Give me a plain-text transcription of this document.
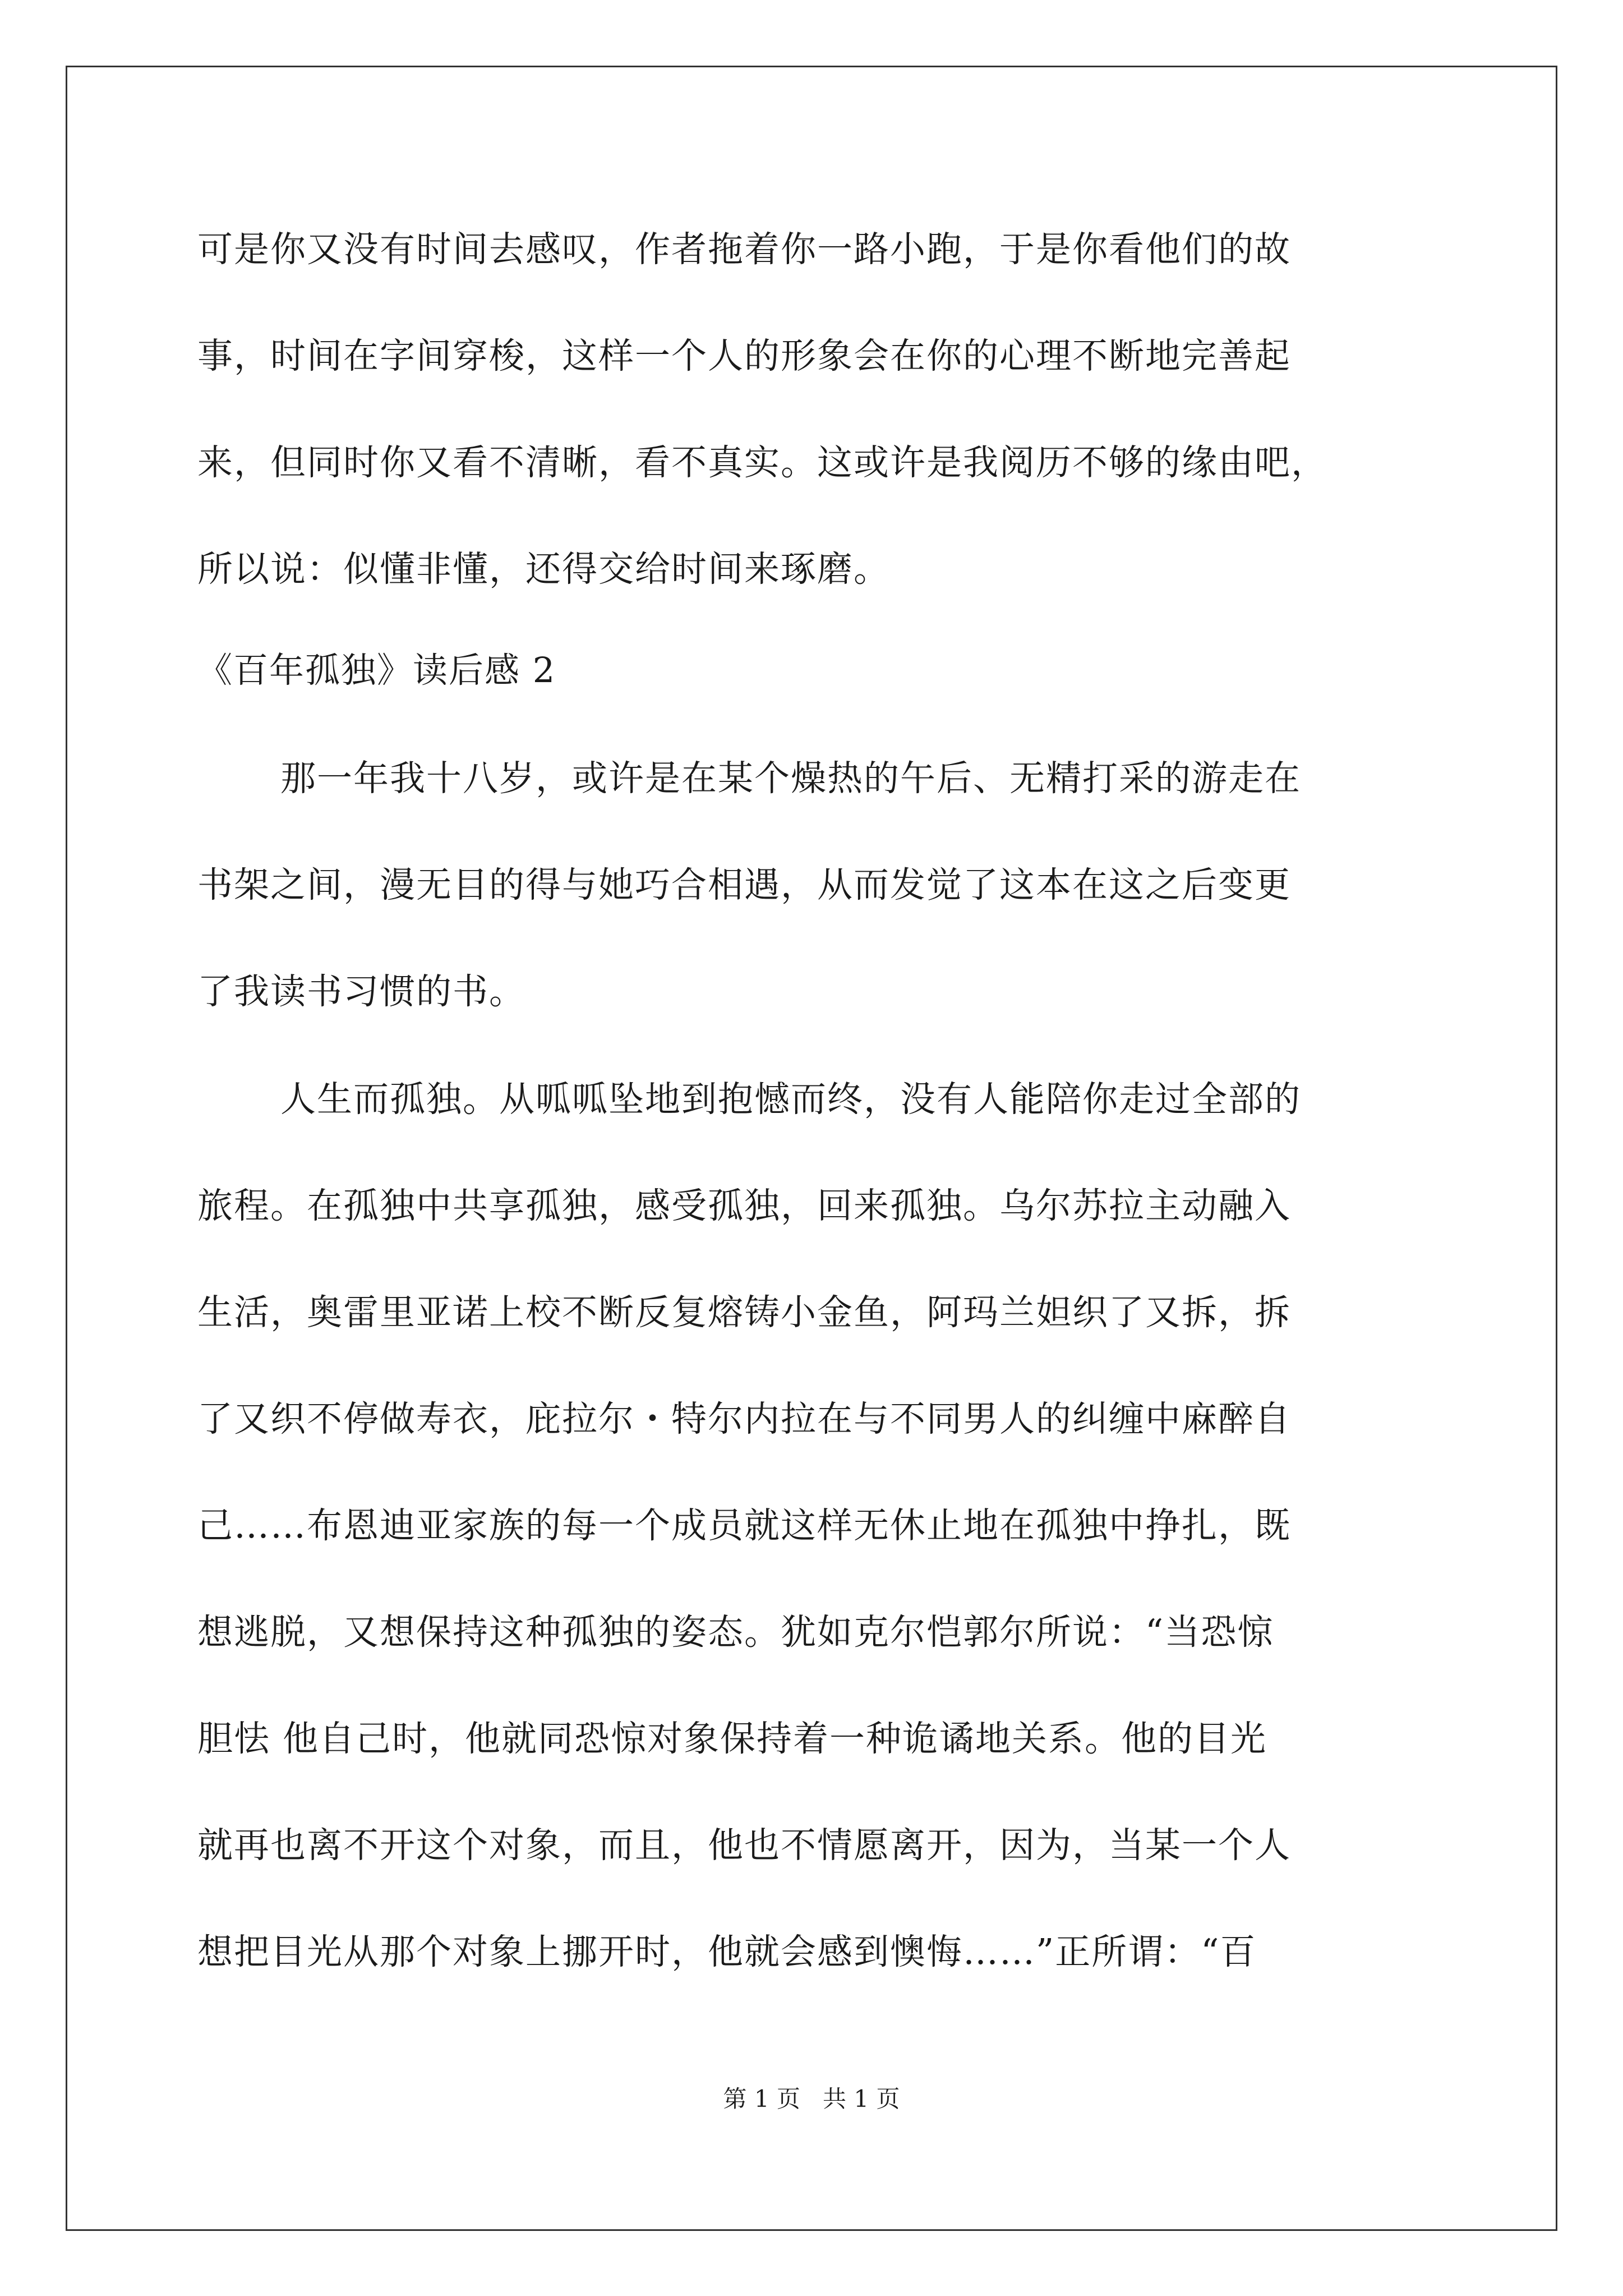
可是你又没有时间去感叹，作者拖着你一路小跑，于是你看他们的故
事，时间在字间穿梭，这样一个人的形象会在你的心理不断地完善起
来，但同时你又看不清晰，看不真实。这或许是我阅历不够的缘由吧，
所以说：似懂非懂，还得交给时间来琢磨。
《百年孤独》读后感 2
那一年我十八岁，或许是在某个燥热的午后、无精打采的游走在
书架之间，漫无目的得与她巧合相遇，从而发觉了这本在这之后变更
了我读书习惯的书。
人生而孤独。从呱呱坠地到抱憾而终，没有人能陪你走过全部的
旅程。在孤独中共享孤独，感受孤独，回来孤独。乌尔苏拉主动融入
生活，奥雷里亚诺上校不断反复熔铸小金鱼，阿玛兰妲织了又拆，拆
了又织不停做寿衣，庇拉尔・特尔内拉在与不同男人的纠缠中麻醉自
己……布恩迪亚家族的每一个成员就这样无休止地在孤独中挣扎，既
想逃脱，又想保持这种孤独的姿态。犹如克尔恺郭尔所说：“当恐惊
胆怯 他自己时，他就同恐惊对象保持着一种诡谲地关系。他的目光
就再也离不开这个对象，而且，他也不情愿离开，因为，当某一个人
想把目光从那个对象上挪开时，他就会感到懊悔……”正所谓：“百
第 1 页   共 1 页
